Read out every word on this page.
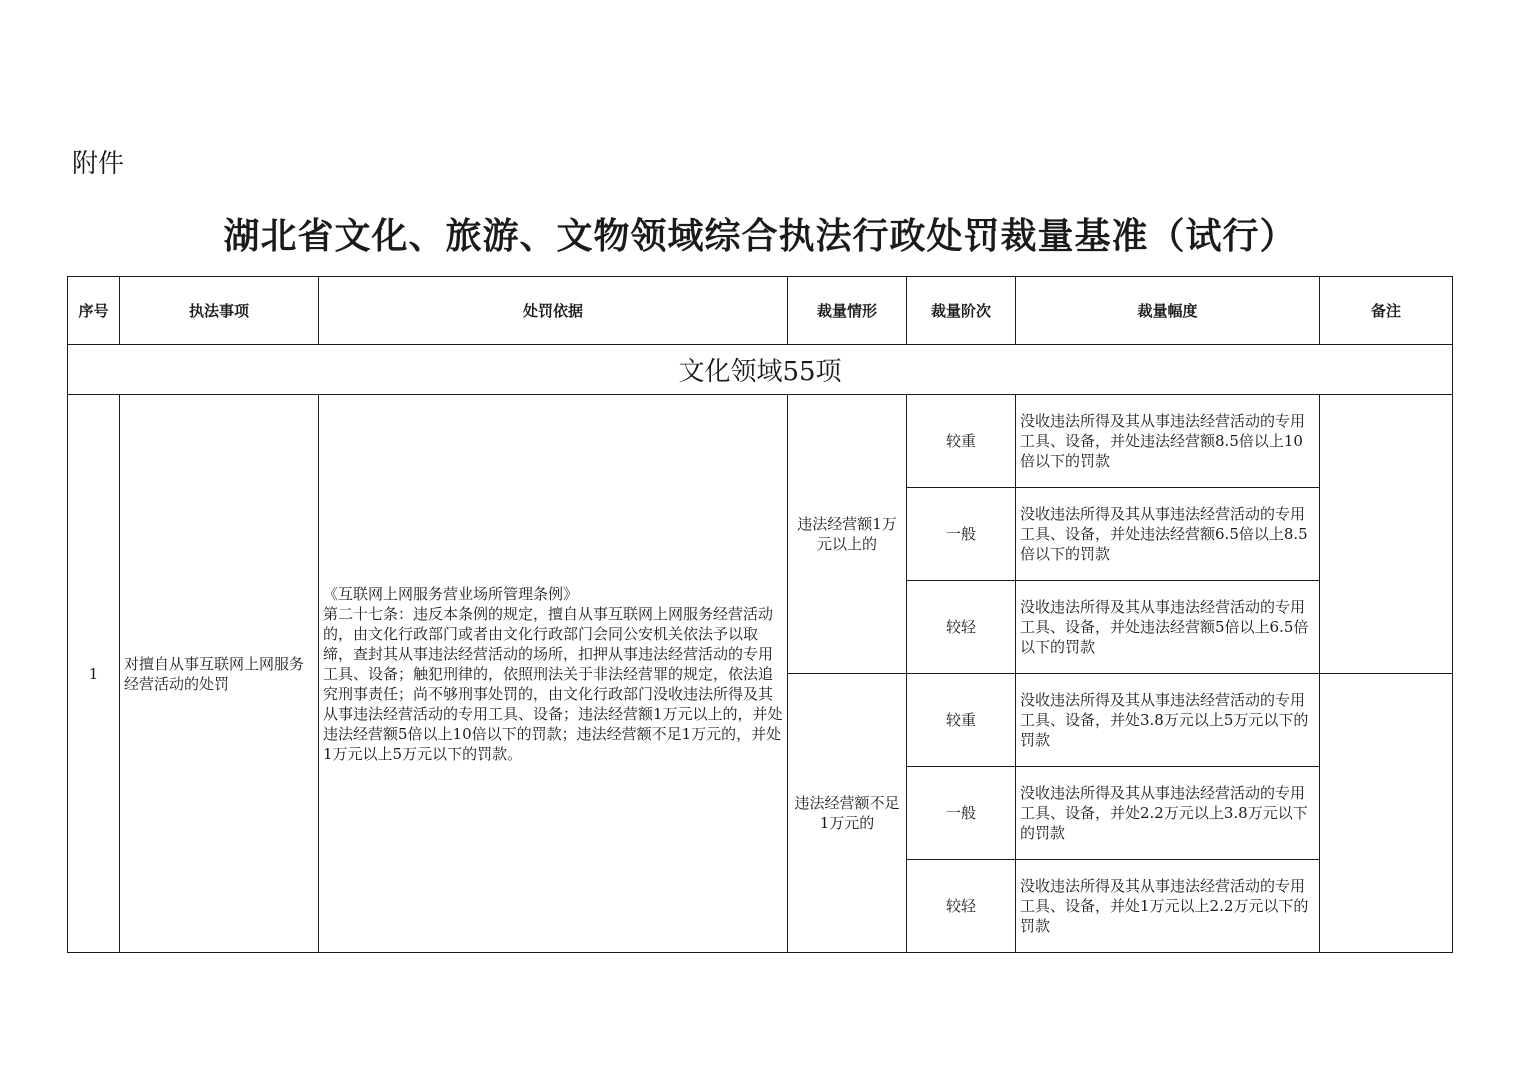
附件
湖北省文化、旅游、文物领域综合执法行政处罚裁量基准（试行）
序号	执法事项	处罚依据	裁量情形	裁量阶次	裁量幅度	备注
文化领域55项						
1	对擅自从事互联网上网服务经营活动的处罚	《互联网上网服务营业场所管理条例》
第二十七条：违反本条例的规定，擅自从事互联网上网服务经营活动的，由文化行政部门或者由文化行政部门会同公安机关依法予以取缔，查封其从事违法经营活动的场所，扣押从事违法经营活动的专用工具、设备；触犯刑律的，依照刑法关于非法经营罪的规定，依法追究刑事责任；尚不够刑事处罚的，由文化行政部门没收违法所得及其从事违法经营活动的专用工具、设备；违法经营额1万元以上的，并处违法经营额5倍以上10倍以下的罚款；违法经营额不足1万元的，并处1万元以上5万元以下的罚款。	违法经营额1万元以上的	较重	没收违法所得及其从事违法经营活动的专用工具、设备，并处违法经营额8.5倍以上10倍以下的罚款	
				一般	没收违法所得及其从事违法经营活动的专用工具、设备，并处违法经营额6.5倍以上8.5倍以下的罚款	
				较轻	没收违法所得及其从事违法经营活动的专用工具、设备，并处违法经营额5倍以上6.5倍以下的罚款	
			违法经营额不足1万元的	较重	没收违法所得及其从事违法经营活动的专用工具、设备，并处3.8万元以上5万元以下的罚款	
				一般	没收违法所得及其从事违法经营活动的专用工具、设备，并处2.2万元以上3.8万元以下的罚款	
				较轻	没收违法所得及其从事违法经营活动的专用工具、设备，并处1万元以上2.2万元以下的罚款	
